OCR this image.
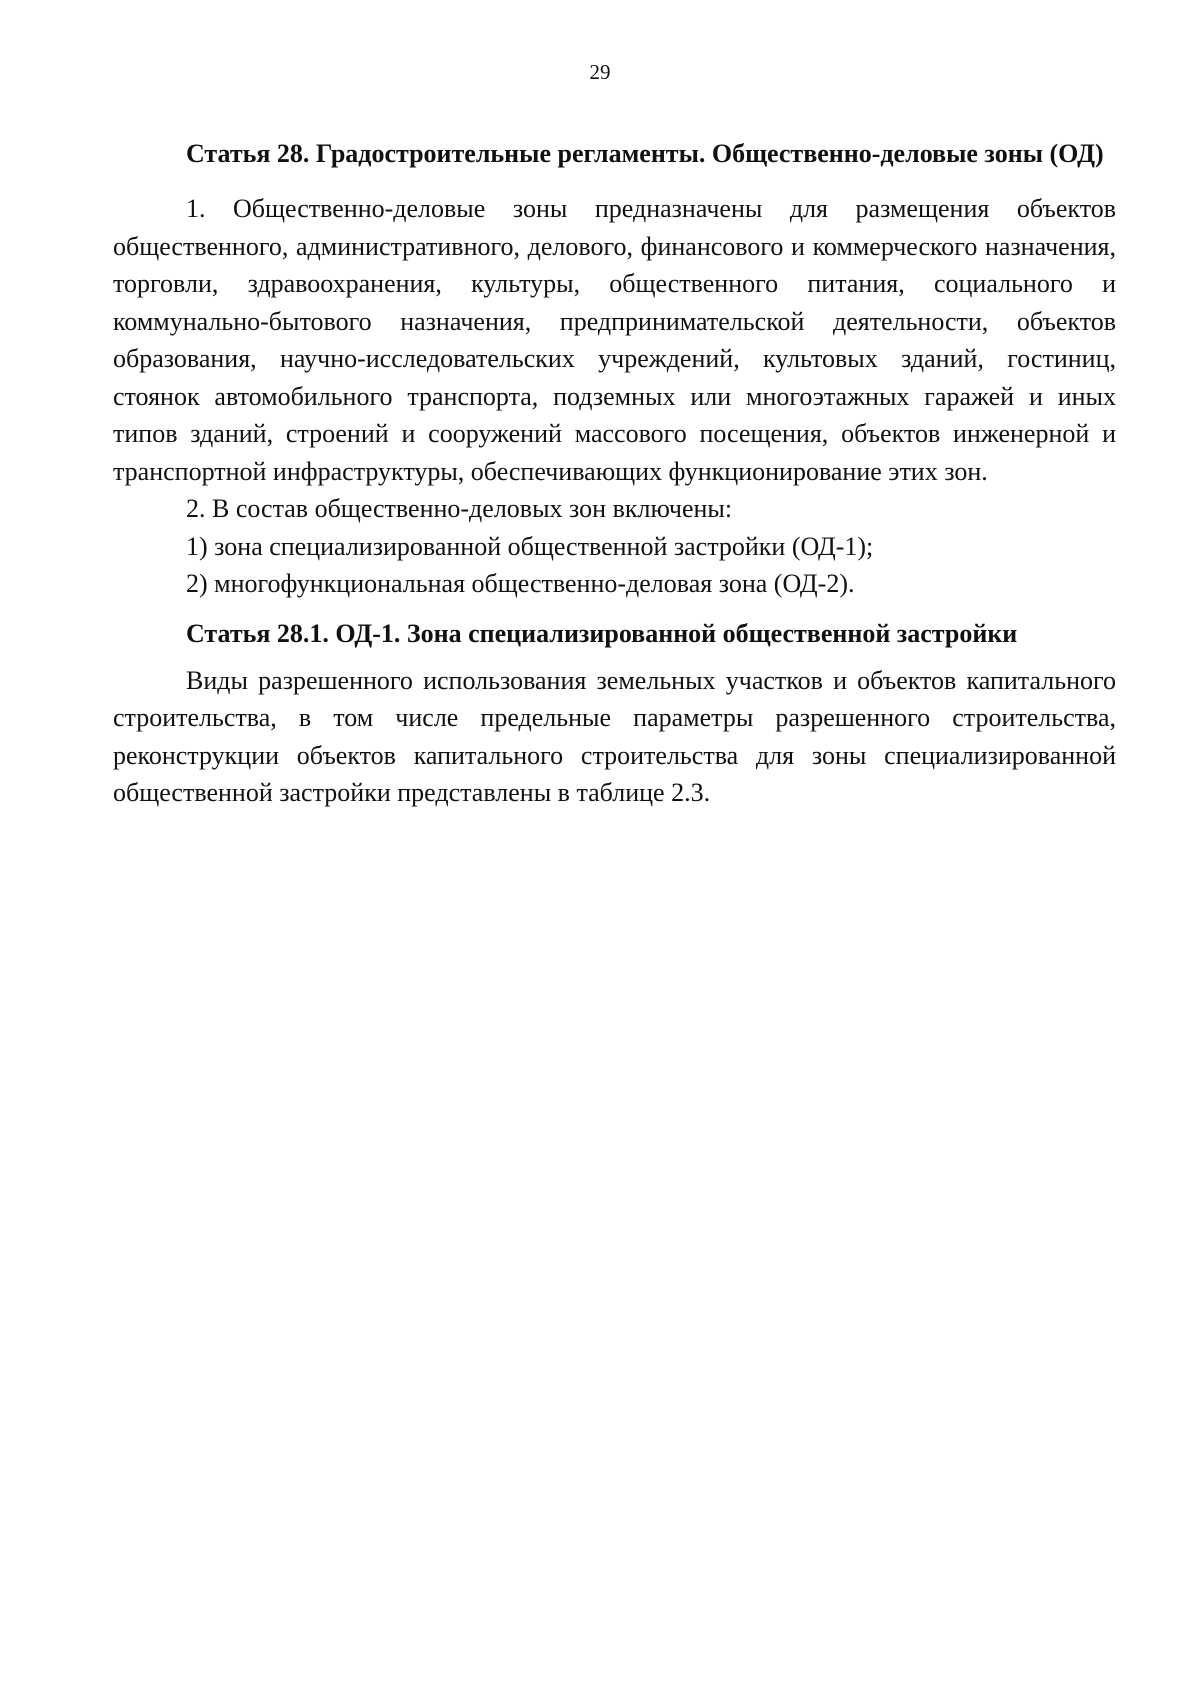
29

Статья 28. Градостроительные регламенты. Общественно-деловые зоны (ОД)

1. Общественно-деловые зоны предназначены для размещения объектов общественного, административного, делового, финансового и коммерческого назначения, торговли, здравоохранения, культуры, общественного питания, социального и коммунально-бытового назначения, предпринимательской деятельности, объектов образования, научно-исследовательских учреждений, культовых зданий, гостиниц, стоянок автомобильного транспорта, подземных или многоэтажных гаражей и иных типов зданий, строений и сооружений массового посещения, объектов инженерной и транспортной инфраструктуры, обеспечивающих функционирование этих зон.

2. В состав общественно-деловых зон включены:

1) зона специализированной общественной застройки (ОД-1);

2) многофункциональная общественно-деловая зона (ОД-2).

Статья 28.1. ОД-1. Зона специализированной общественной застройки

Виды разрешенного использования земельных участков и объектов капитального строительства, в том числе предельные параметры разрешенного строительства, реконструкции объектов капитального строительства для зоны специализированной общественной застройки представлены в таблице 2.3.
